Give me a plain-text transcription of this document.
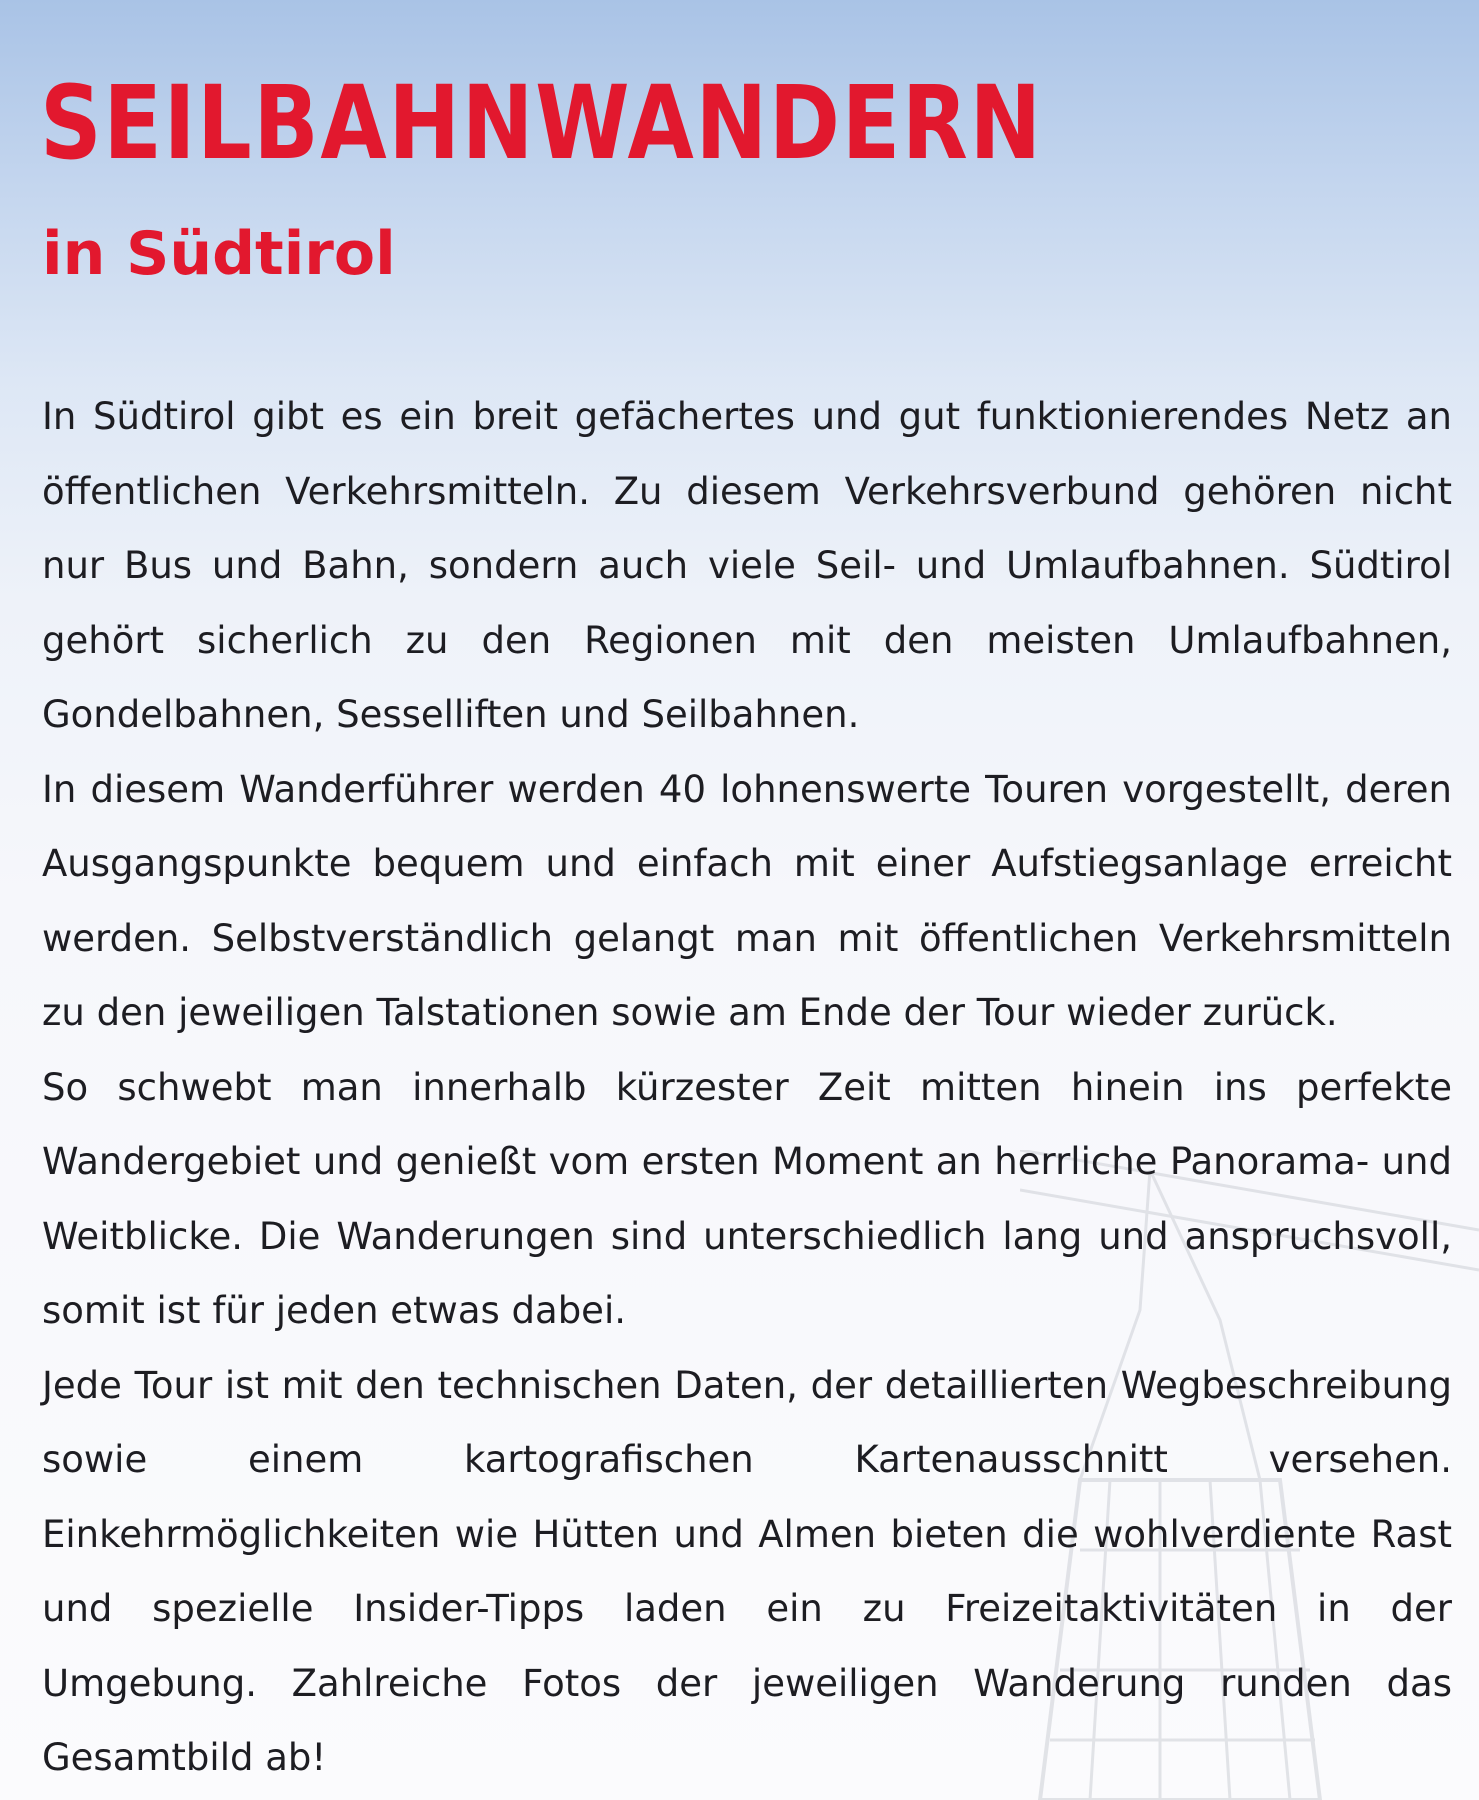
SEILBAHNWANDERN
in Südtirol

In Südtirol gibt es ein breit gefächertes und gut funktionierendes Netz an öffentlichen Verkehrsmitteln. Zu diesem Verkehrsverbund gehören nicht nur Bus und Bahn, sondern auch viele Seil- und Umlaufbahnen. Südtirol gehört sicherlich zu den Regionen mit den meisten Umlaufbahnen, Gondelbahnen, Sesselliften und Seilbahnen.

In diesem Wanderführer werden 40 lohnenswerte Touren vorgestellt, deren Ausgangspunkte bequem und einfach mit einer Aufstiegsanlage erreicht werden. Selbstverständlich gelangt man mit öffentlichen Verkehrsmitteln zu den jeweiligen Talstationen sowie am Ende der Tour wieder zurück.

So schwebt man innerhalb kürzester Zeit mitten hinein ins perfekte Wandergebiet und genießt vom ersten Moment an herrliche Panorama- und Weitblicke. Die Wanderungen sind unterschiedlich lang und anspruchsvoll, somit ist für jeden etwas dabei.

Jede Tour ist mit den technischen Daten, der detaillierten Wegbeschreibung sowie einem kartografischen Kartenausschnitt versehen. Einkehrmöglichkeiten wie Hütten und Almen bieten die wohlverdiente Rast und spezielle Insider-Tipps laden ein zu Freizeitaktivitäten in der Umgebung. Zahlreiche Fotos der jeweiligen Wanderung runden das Gesamtbild ab!
